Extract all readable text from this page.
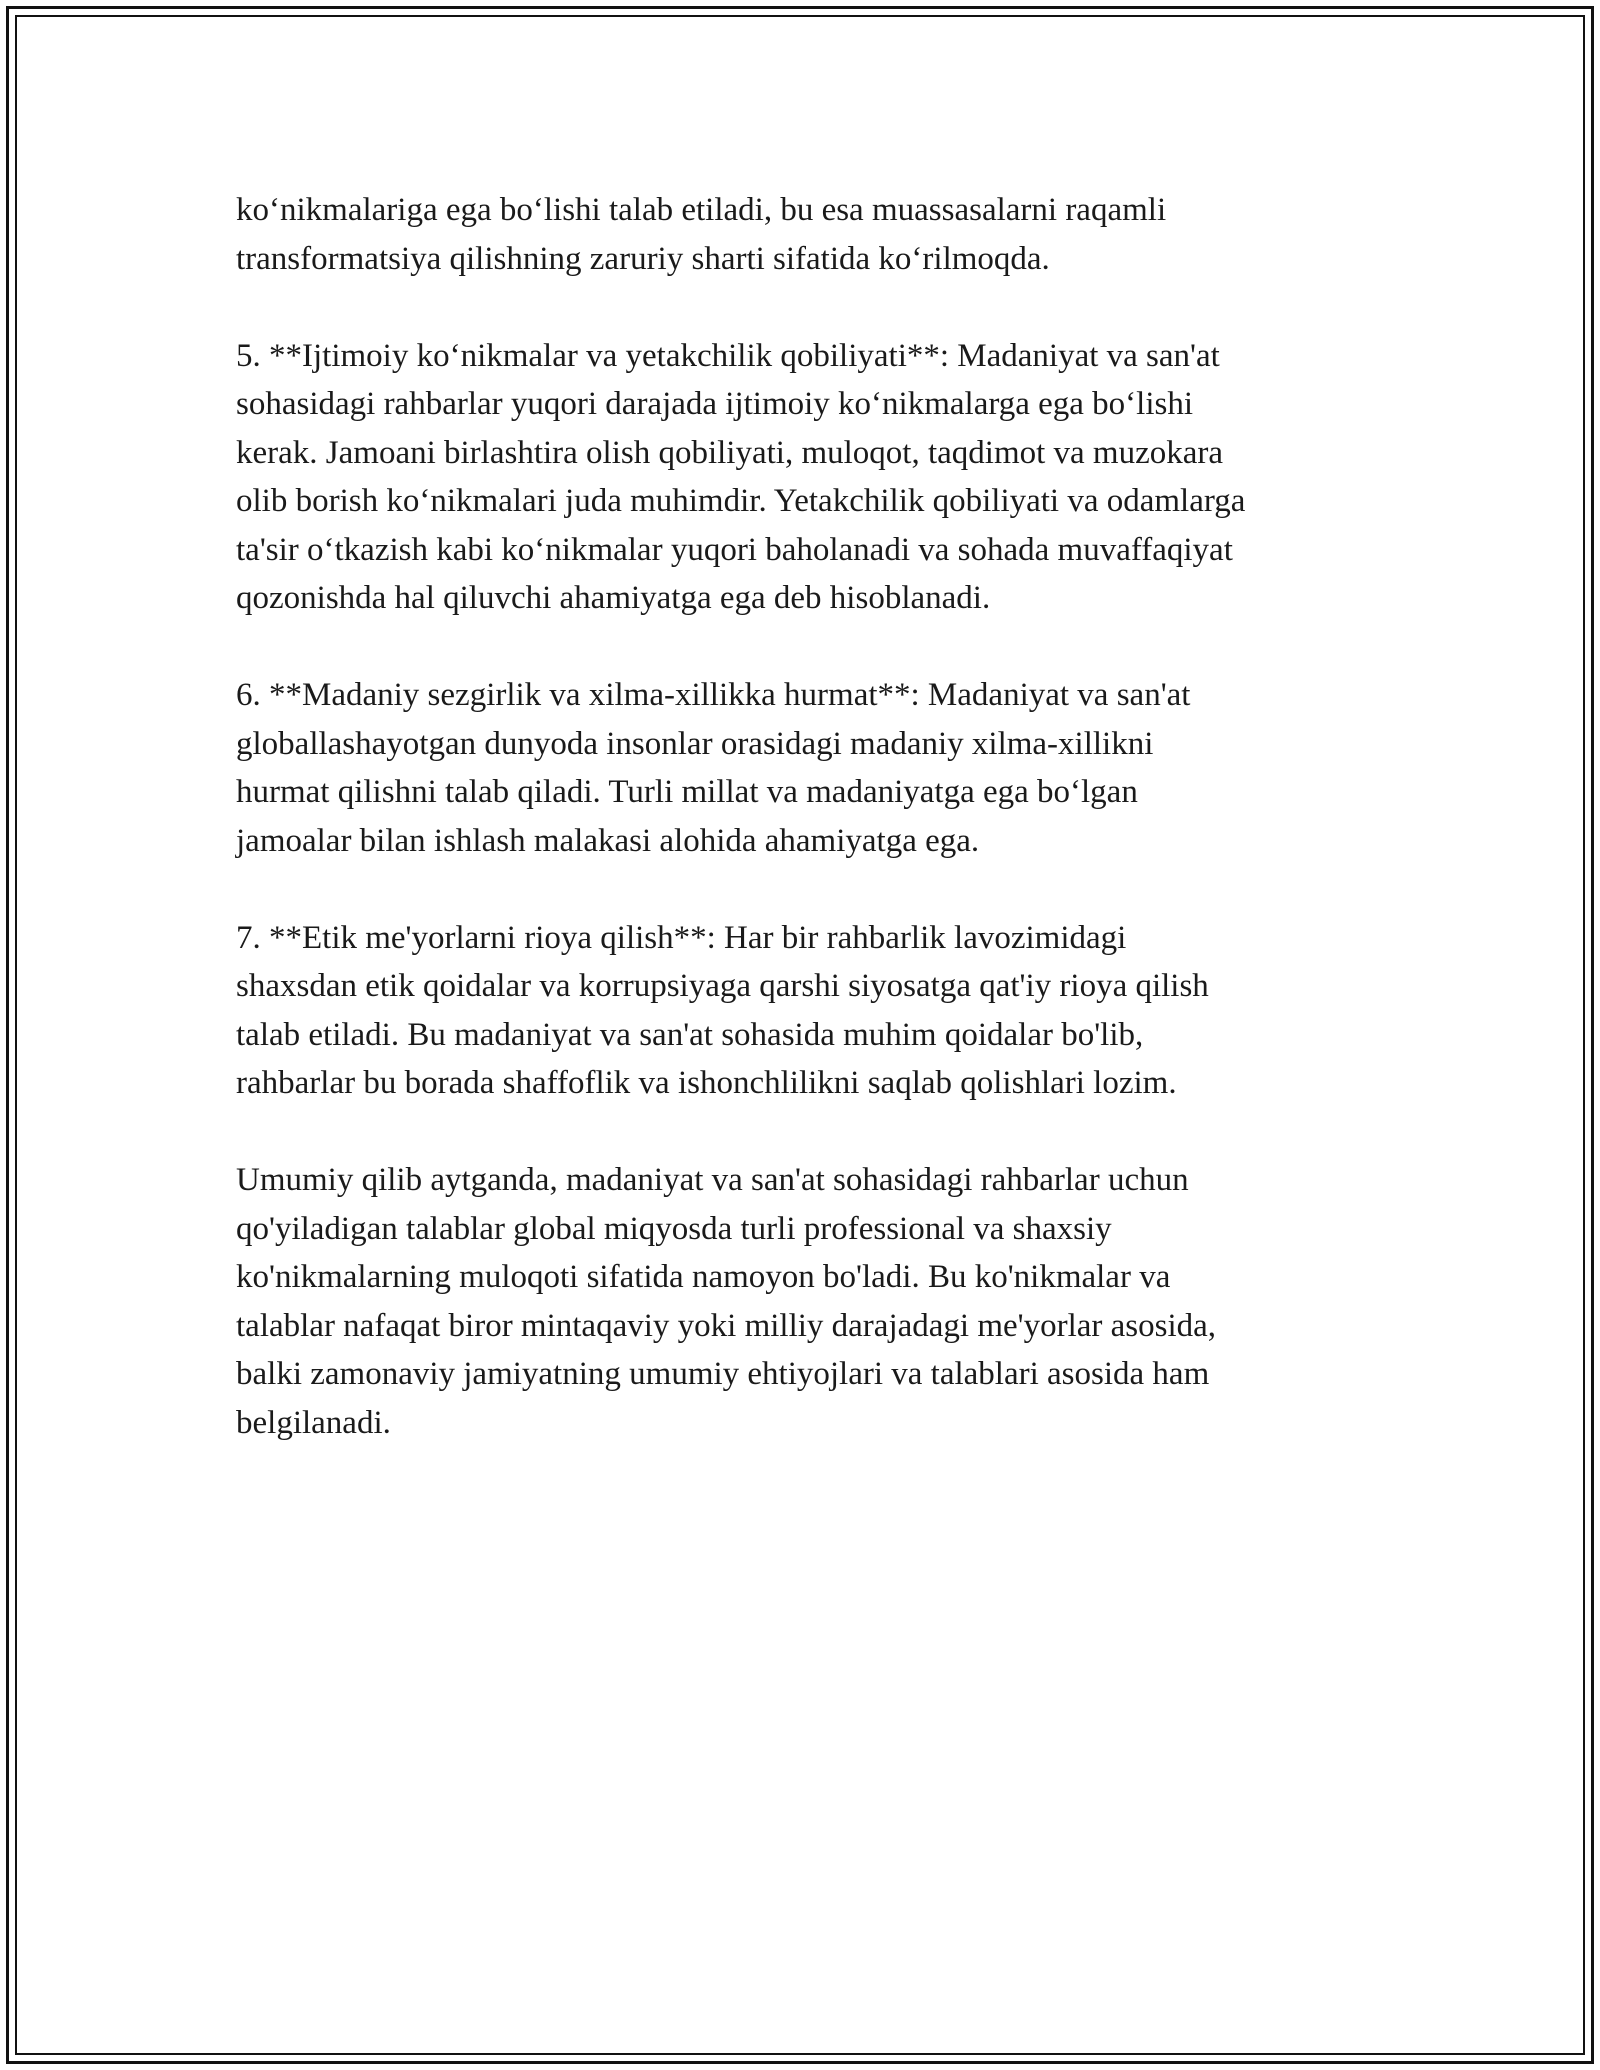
ko‘nikmalariga ega bo‘lishi talab etiladi, bu esa muassasalarni raqamli
transformatsiya qilishning zaruriy sharti sifatida ko‘rilmoqda.

5. **Ijtimoiy ko‘nikmalar va yetakchilik qobiliyati**: Madaniyat va san'at
sohasidagi rahbarlar yuqori darajada ijtimoiy ko‘nikmalarga ega bo‘lishi
kerak. Jamoani birlashtira olish qobiliyati, muloqot, taqdimot va muzokara
olib borish ko‘nikmalari juda muhimdir. Yetakchilik qobiliyati va odamlarga
ta'sir o‘tkazish kabi ko‘nikmalar yuqori baholanadi va sohada muvaffaqiyat
qozonishda hal qiluvchi ahamiyatga ega deb hisoblanadi.

6. **Madaniy sezgirlik va xilma-xillikka hurmat**: Madaniyat va san'at
globallashayotgan dunyoda insonlar orasidagi madaniy xilma-xillikni
hurmat qilishni talab qiladi. Turli millat va madaniyatga ega bo‘lgan
jamoalar bilan ishlash malakasi alohida ahamiyatga ega.

7. **Etik me'yorlarni rioya qilish**: Har bir rahbarlik lavozimidagi
shaxsdan etik qoidalar va korrupsiyaga qarshi siyosatga qat'iy rioya qilish
talab etiladi. Bu madaniyat va san'at sohasida muhim qoidalar bo'lib,
rahbarlar bu borada shaffoflik va ishonchlilikni saqlab qolishlari lozim.

Umumiy qilib aytganda, madaniyat va san'at sohasidagi rahbarlar uchun
qo'yiladigan talablar global miqyosda turli professional va shaxsiy
ko'nikmalarning muloqoti sifatida namoyon bo'ladi. Bu ko'nikmalar va
talablar nafaqat biror mintaqaviy yoki milliy darajadagi me'yorlar asosida,
balki zamonaviy jamiyatning umumiy ehtiyojlari va talablari asosida ham
belgilanadi.
